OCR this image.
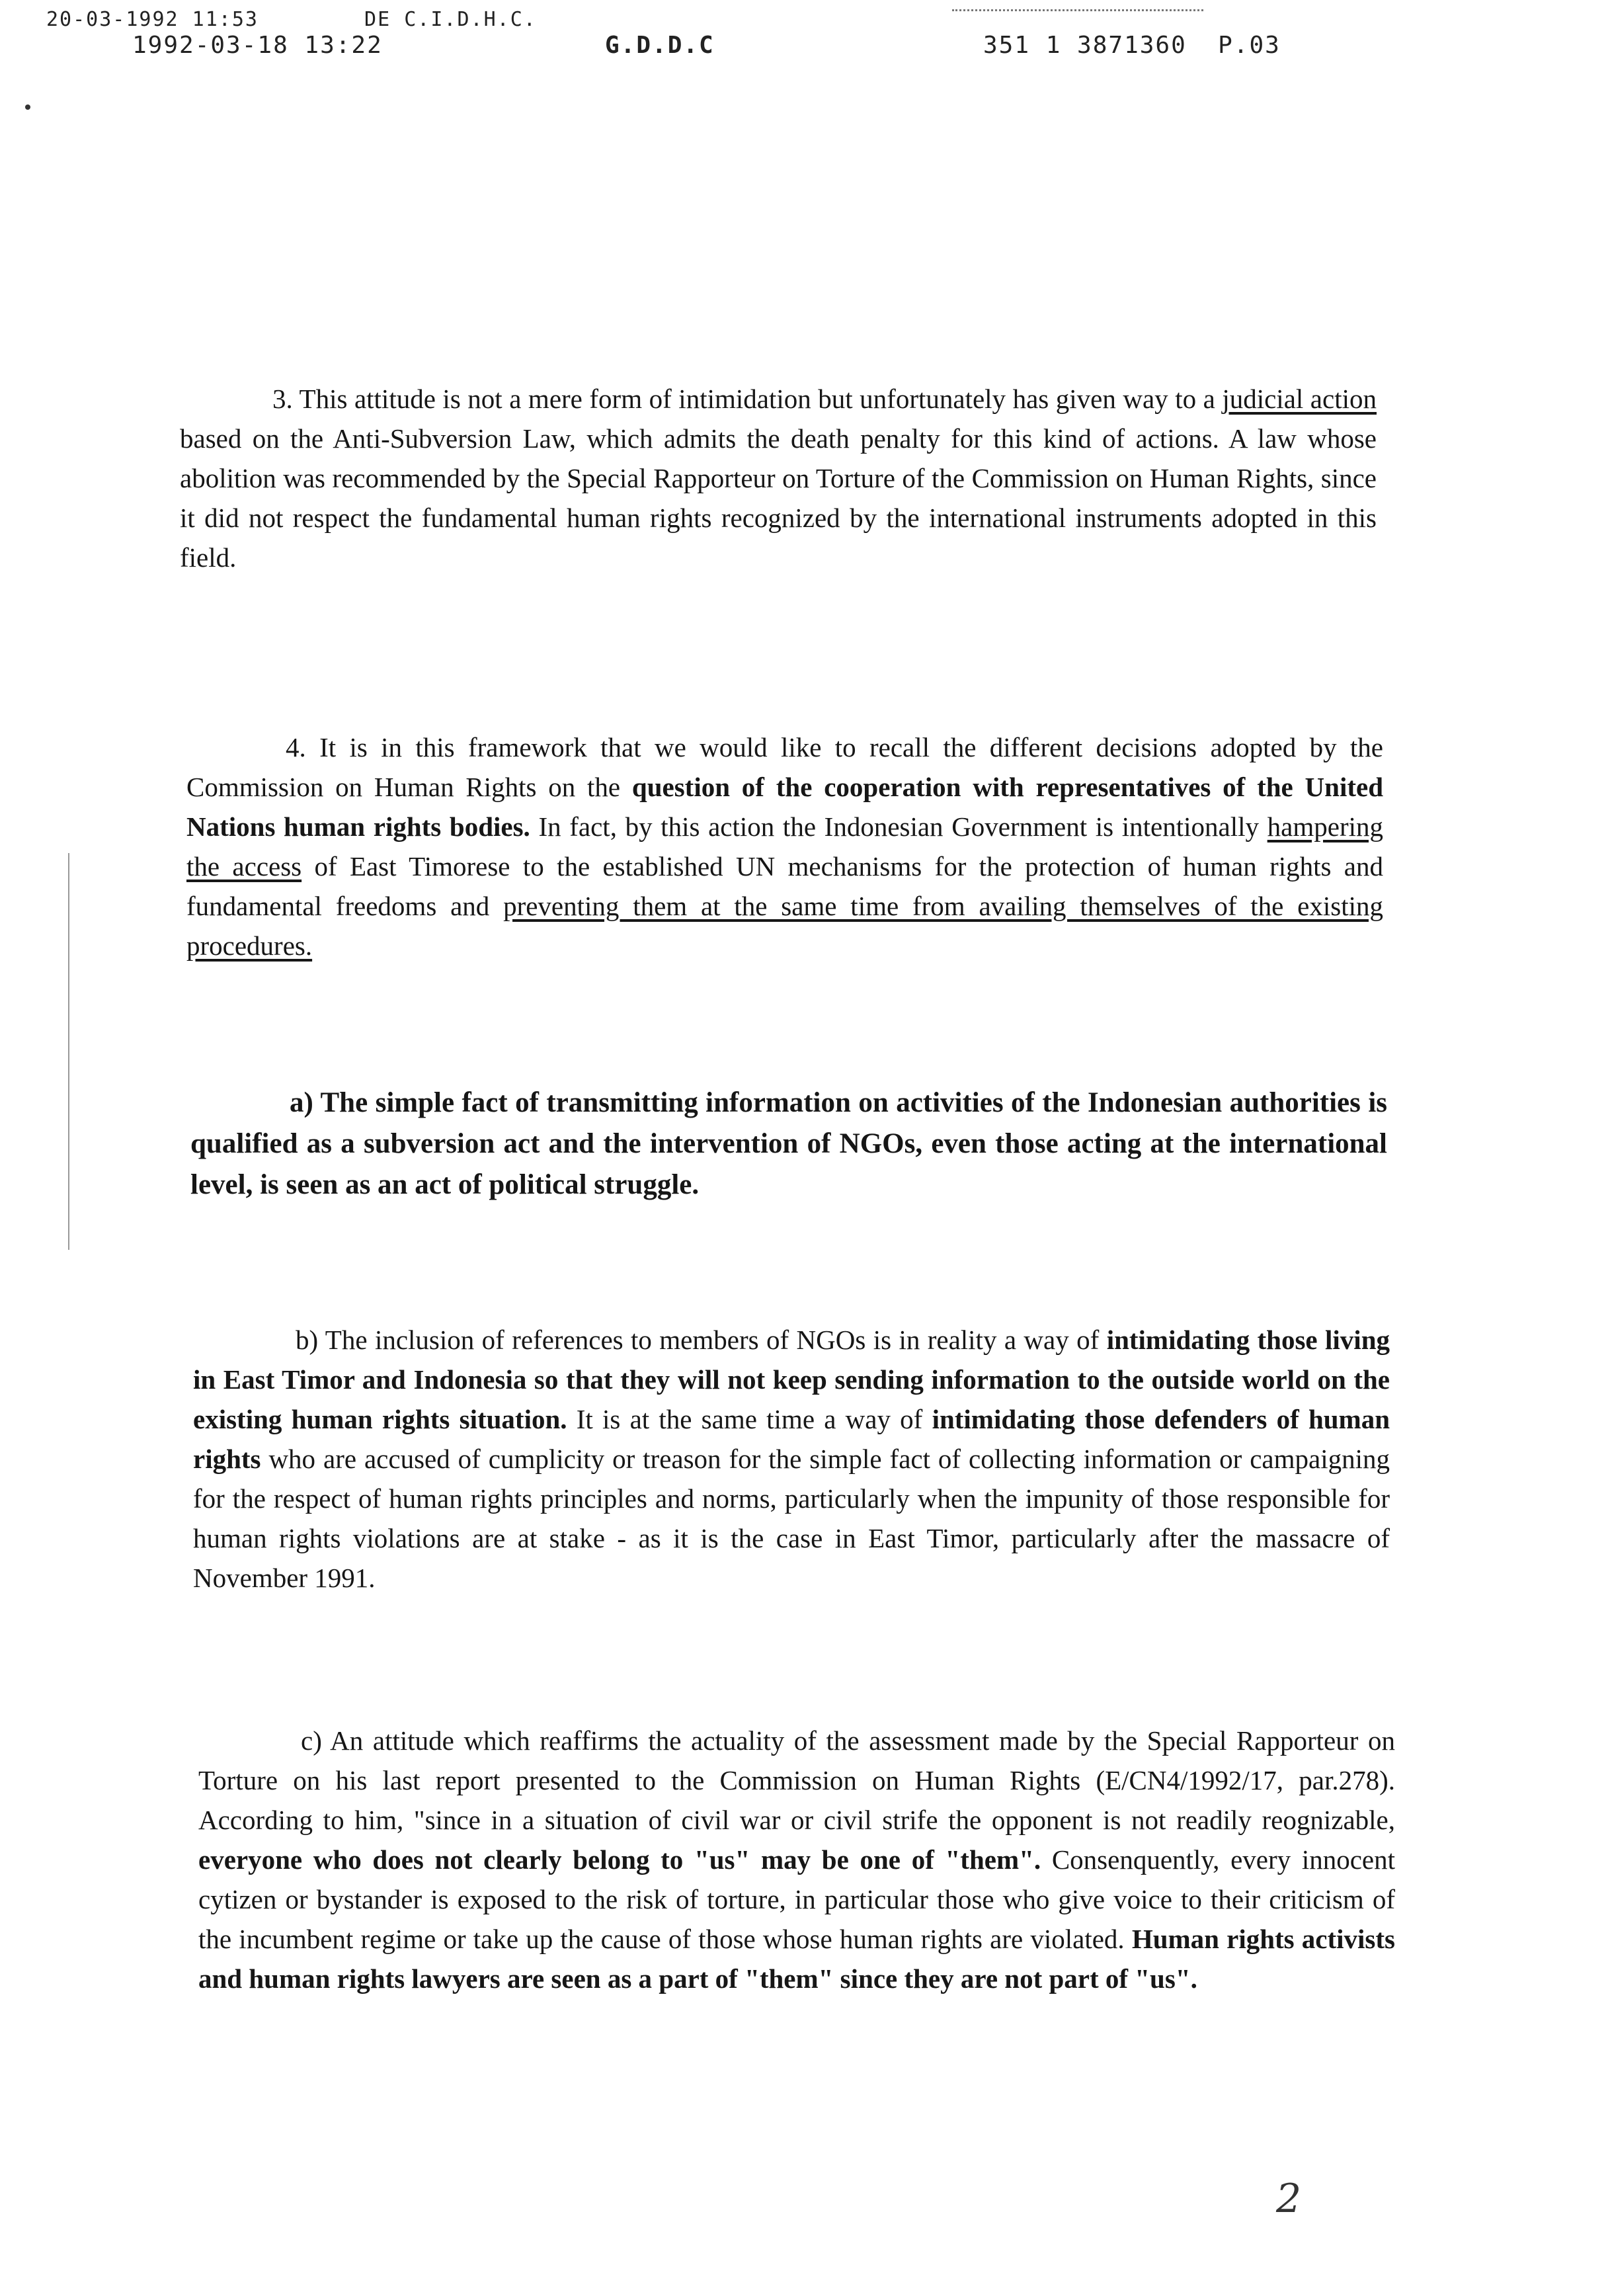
20-03-1992 11:53	DE C.I.D.H.C.
1992-03-18 13:22	G.D.D.C	351 1 3871360 P.03

3. This attitude is not a mere form of intimidation but unfortunately has given way to a judicial action based on the Anti-Subversion Law, which admits the death penalty for this kind of actions. A law whose abolition was recommended by the Special Rapporteur on Torture of the Commission on Human Rights, since it did not respect the fundamental human rights recognized by the international instruments adopted in this field.

4. It is in this framework that we would like to recall the different decisions adopted by the Commission on Human Rights on the question of the cooperation with representatives of the United Nations human rights bodies. In fact, by this action the Indonesian Government is intentionally hampering the access of East Timorese to the established UN mechanisms for the protection of human rights and fundamental freedoms and preventing them at the same time from availing themselves of the existing procedures.

a) The simple fact of transmitting information on activities of the Indonesian authorities is qualified as a subversion act and the intervention of NGOs, even those acting at the international level, is seen as an act of political struggle.

b) The inclusion of references to members of NGOs is in reality a way of intimidating those living in East Timor and Indonesia so that they will not keep sending information to the outside world on the existing human rights situation. It is at the same time a way of intimidating those defenders of human rights who are accused of cumplicity or treason for the simple fact of collecting information or campaigning for the respect of human rights principles and norms, particularly when the impunity of those responsible for human rights violations are at stake - as it is the case in East Timor, particularly after the massacre of November 1991.

c) An attitude which reaffirms the actuality of the assessment made by the Special Rapporteur on Torture on his last report presented to the Commission on Human Rights (E/CN4/1992/17, par.278). According to him, "since in a situation of civil war or civil strife the opponent is not readily reognizable, everyone who does not clearly belong to "us" may be one of "them". Consenquently, every innocent cytizen or bystander is exposed to the risk of torture, in particular those who give voice to their criticism of the incumbent regime or take up the cause of those whose human rights are violated. Human rights activists and human rights lawyers are seen as a part of "them" since they are not part of "us".

2
